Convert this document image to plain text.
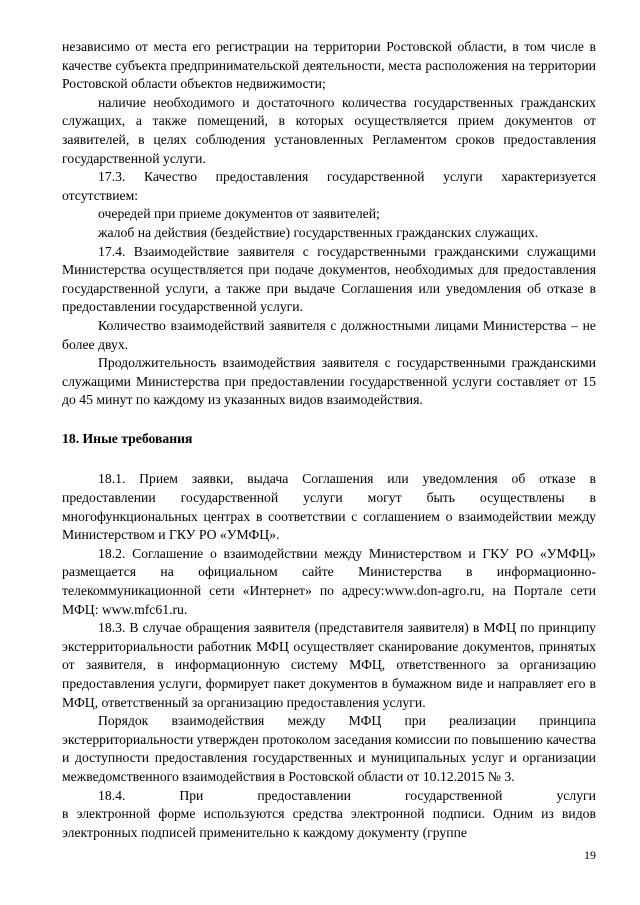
независимо от места его регистрации на территории Ростовской области, в том числе в качестве субъекта предпринимательской деятельности, места расположения на территории Ростовской области объектов недвижимости;

наличие необходимого и достаточного количества государственных гражданских служащих, а также помещений, в которых осуществляется прием документов от заявителей, в целях соблюдения установленных Регламентом сроков предоставления государственной услуги.

17.3. Качество предоставления государственной услуги характеризуется отсутствием:

очередей при приеме документов от заявителей;

жалоб на действия (бездействие) государственных гражданских служащих.

17.4. Взаимодействие заявителя с государственными гражданскими служащими Министерства осуществляется при подаче документов, необходимых для предоставления государственной услуги, а также при выдаче Соглашения или уведомления об отказе в предоставлении государственной услуги.

Количество взаимодействий заявителя с должностными лицами Министерства – не более двух.

Продолжительность взаимодействия заявителя с государственными гражданскими служащими Министерства при предоставлении государственной услуги составляет от 15 до 45 минут по каждому из указанных видов взаимодействия.

18. Иные требования

18.1. Прием заявки, выдача Соглашения или уведомления об отказе в предоставлении государственной услуги могут быть осуществлены в многофункциональных центрах в соответствии с соглашением о взаимодействии между Министерством и ГКУ РО «УМФЦ».

18.2. Соглашение о взаимодействии между Министерством и ГКУ РО «УМФЦ» размещается на официальном сайте Министерства в информационно-телекоммуникационной сети «Интернет» по адресу:www.don-agro.ru, на Портале сети МФЦ: www.mfc61.ru.

18.3. В случае обращения заявителя (представителя заявителя) в МФЦ по принципу экстерриториальности работник МФЦ осуществляет сканирование документов, принятых от заявителя, в информационную систему МФЦ, ответственного за организацию предоставления услуги, формирует пакет документов в бумажном виде и направляет его в МФЦ, ответственный за организацию предоставления услуги.

Порядок взаимодействия между МФЦ при реализации принципа экстерриториальности утвержден протоколом заседания комиссии по повышению качества и доступности предоставления государственных и муниципальных услуг и организации межведомственного взаимодействия в Ростовской области от 10.12.2015 № 3.

18.4. При предоставлении государственной услуги

в электронной форме используются средства электронной подписи. Одним из видов электронных подписей применительно к каждому документу (группе

19
